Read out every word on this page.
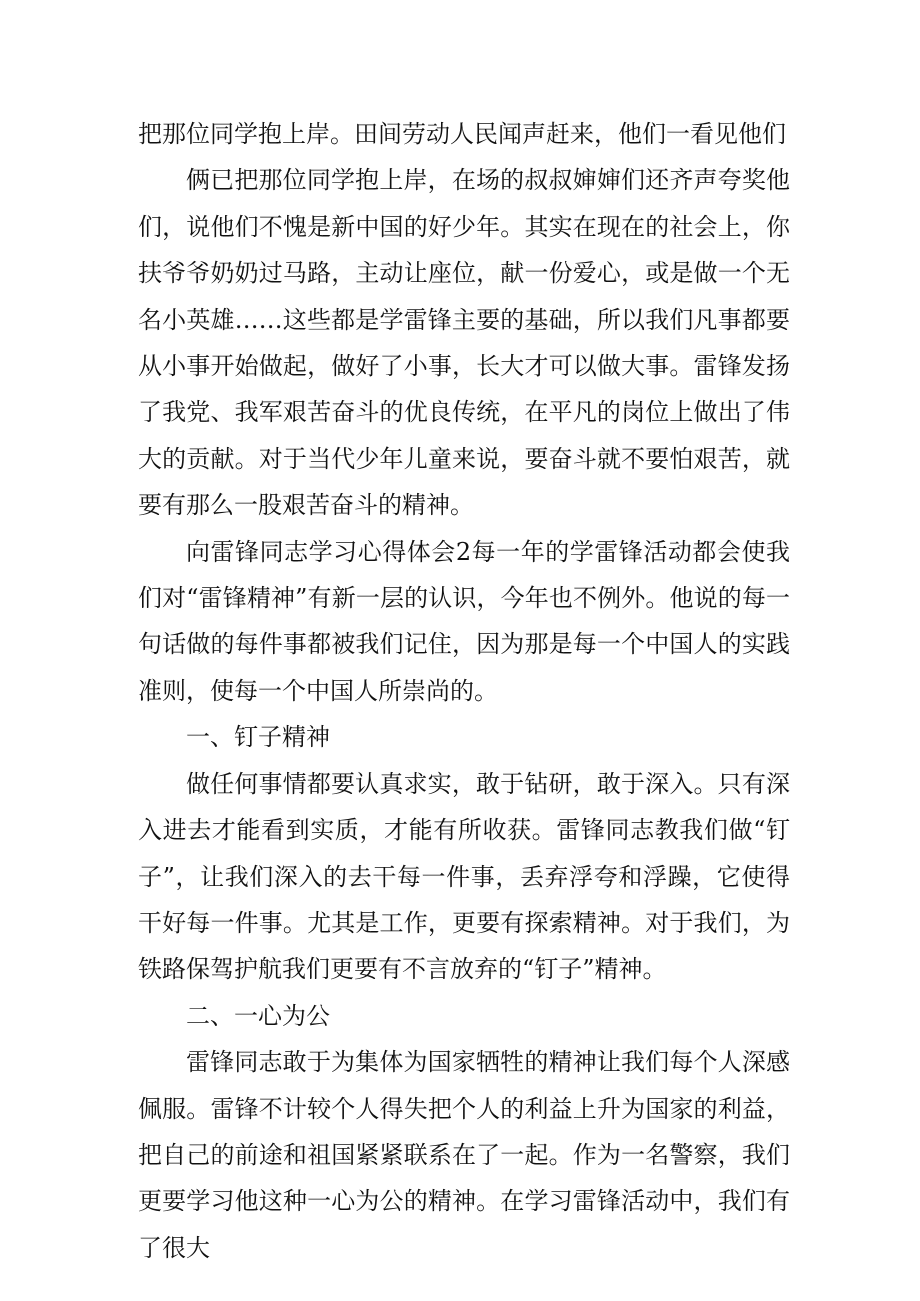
把那位同学抱上岸。田间劳动人民闻声赶来，他们一看见他们

俩已把那位同学抱上岸，在场的叔叔婶婶们还齐声夸奖他们，说他们不愧是新中国的好少年。其实在现在的社会上，你扶爷爷奶奶过马路，主动让座位，献一份爱心，或是做一个无名小英雄……这些都是学雷锋主要的基础，所以我们凡事都要从小事开始做起，做好了小事，长大才可以做大事。雷锋发扬了我党、我军艰苦奋斗的优良传统，在平凡的岗位上做出了伟大的贡献。对于当代少年儿童来说，要奋斗就不要怕艰苦，就要有那么一股艰苦奋斗的精神。

向雷锋同志学习心得体会2每一年的学雷锋活动都会使我们对“雷锋精神”有新一层的认识，今年也不例外。他说的每一句话做的每件事都被我们记住，因为那是每一个中国人的实践准则，使每一个中国人所崇尚的。

一、钉子精神

做任何事情都要认真求实，敢于钻研，敢于深入。只有深入进去才能看到实质，才能有所收获。雷锋同志教我们做“钉子”，让我们深入的去干每一件事，丢弃浮夸和浮躁，它使得干好每一件事。尤其是工作，更要有探索精神。对于我们，为铁路保驾护航我们更要有不言放弃的“钉子”精神。

二、一心为公

雷锋同志敢于为集体为国家牺牲的精神让我们每个人深感佩服。雷锋不计较个人得失把个人的利益上升为国家的利益，把自己的前途和祖国紧紧联系在了一起。作为一名警察，我们更要学习他这种一心为公的精神。在学习雷锋活动中，我们有了很大
